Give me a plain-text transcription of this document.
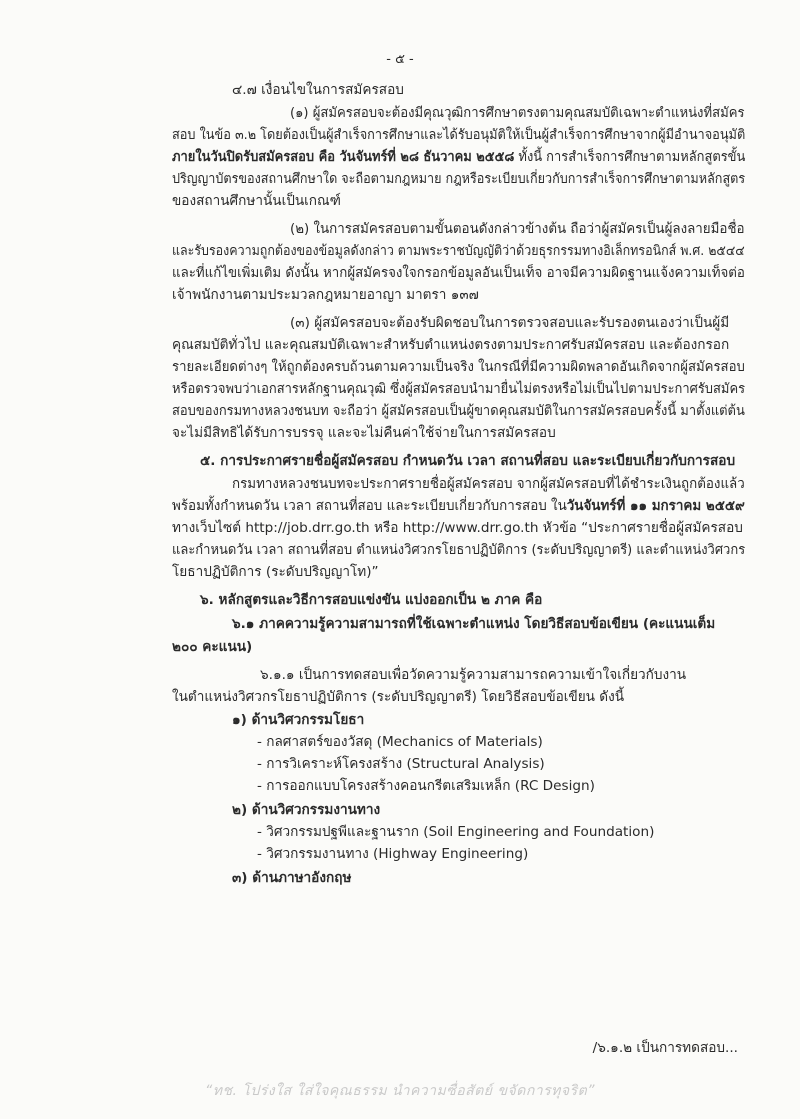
- ๕ -
๔.๗ เงื่อนไขในการสมัครสอบ
(๑) ผู้สมัครสอบจะต้องมีคุณวุฒิการศึกษาตรงตามคุณสมบัติเฉพาะตำแหน่งที่สมัคร
สอบ ในข้อ ๓.๒ โดยต้องเป็นผู้สำเร็จการศึกษาและได้รับอนุมัติให้เป็นผู้สำเร็จการศึกษาจากผู้มีอำนาจอนุมัติ
ภายในวันปิดรับสมัครสอบ คือ วันจันทร์ที่ ๒๘ ธันวาคม ๒๕๕๘ ทั้งนี้ การสำเร็จการศึกษาตามหลักสูตรขั้น
ปริญญาบัตรของสถานศึกษาใด จะถือตามกฎหมาย กฎหรือระเบียบเกี่ยวกับการสำเร็จการศึกษาตามหลักสูตร
ของสถานศึกษานั้นเป็นเกณฑ์
(๒) ในการสมัครสอบตามขั้นตอนดังกล่าวข้างต้น ถือว่าผู้สมัครเป็นผู้ลงลายมือชื่อ
และรับรองความถูกต้องของข้อมูลดังกล่าว ตามพระราชบัญญัติว่าด้วยธุรกรรมทางอิเล็กทรอนิกส์ พ.ศ. ๒๕๔๔
และที่แก้ไขเพิ่มเติม ดังนั้น หากผู้สมัครจงใจกรอกข้อมูลอันเป็นเท็จ อาจมีความผิดฐานแจ้งความเท็จต่อ
เจ้าพนักงานตามประมวลกฎหมายอาญา มาตรา ๑๓๗
(๓) ผู้สมัครสอบจะต้องรับผิดชอบในการตรวจสอบและรับรองตนเองว่าเป็นผู้มี
คุณสมบัติทั่วไป และคุณสมบัติเฉพาะสำหรับตำแหน่งตรงตามประกาศรับสมัครสอบ และต้องกรอก
รายละเอียดต่างๆ ให้ถูกต้องครบถ้วนตามความเป็นจริง ในกรณีที่มีความผิดพลาดอันเกิดจากผู้สมัครสอบ
หรือตรวจพบว่าเอกสารหลักฐานคุณวุฒิ ซึ่งผู้สมัครสอบนำมายื่นไม่ตรงหรือไม่เป็นไปตามประกาศรับสมัคร
สอบของกรมทางหลวงชนบท จะถือว่า ผู้สมัครสอบเป็นผู้ขาดคุณสมบัติในการสมัครสอบครั้งนี้ มาตั้งแต่ต้น
จะไม่มีสิทธิได้รับการบรรจุ และจะไม่คืนค่าใช้จ่ายในการสมัครสอบ
๕. การประกาศรายชื่อผู้สมัครสอบ กำหนดวัน เวลา สถานที่สอบ และระเบียบเกี่ยวกับการสอบ
กรมทางหลวงชนบทจะประกาศรายชื่อผู้สมัครสอบ จากผู้สมัครสอบที่ได้ชำระเงินถูกต้องแล้ว
พร้อมทั้งกำหนดวัน เวลา สถานที่สอบ และระเบียบเกี่ยวกับการสอบ ในวันจันทร์ที่ ๑๑ มกราคม ๒๕๕๙
ทางเว็บไซต์ http://job.drr.go.th หรือ http://www.drr.go.th หัวข้อ “ประกาศรายชื่อผู้สมัครสอบ
และกำหนดวัน เวลา สถานที่สอบ ตำแหน่งวิศวกรโยธาปฏิบัติการ (ระดับปริญญาตรี) และตำแหน่งวิศวกร
โยธาปฏิบัติการ (ระดับปริญญาโท)”
๖. หลักสูตรและวิธีการสอบแข่งขัน แบ่งออกเป็น ๒ ภาค คือ
๖.๑ ภาคความรู้ความสามารถที่ใช้เฉพาะตำแหน่ง โดยวิธีสอบข้อเขียน (คะแนนเต็ม
๒๐๐ คะแนน)
๖.๑.๑ เป็นการทดสอบเพื่อวัดความรู้ความสามารถความเข้าใจเกี่ยวกับงาน
ในตำแหน่งวิศวกรโยธาปฏิบัติการ (ระดับปริญญาตรี) โดยวิธีสอบข้อเขียน ดังนี้
๑) ด้านวิศวกรรมโยธา
- กลศาสตร์ของวัสดุ (Mechanics of Materials)
- การวิเคราะห์โครงสร้าง (Structural Analysis)
- การออกแบบโครงสร้างคอนกรีตเสริมเหล็ก (RC Design)
๒) ด้านวิศวกรรมงานทาง
- วิศวกรรมปฐพีและฐานราก (Soil Engineering and Foundation)
- วิศวกรรมงานทาง (Highway Engineering)
๓) ด้านภาษาอังกฤษ
/๖.๑.๒ เป็นการทดสอบ...
“ทช. โปร่งใส ใส่ใจคุณธรรม นำความซื่อสัตย์ ขจัดการทุจริต”
